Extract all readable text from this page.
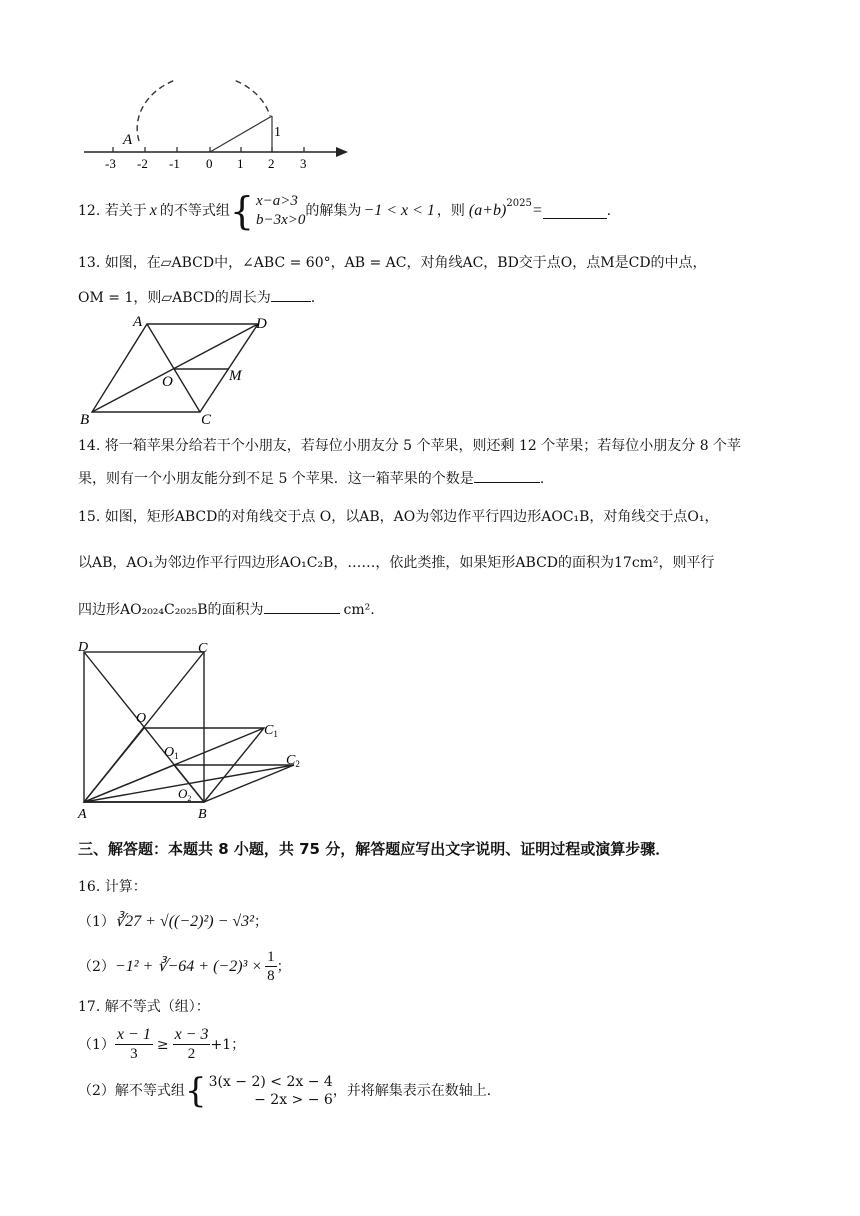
A	1
-3 -2 -1 0 1 2 3
12.
若关于 x 的不等式组 { x−a>3
b−3x>0
的解集为 −1 < x < 1 ，则 $(a+b)^{2025}$ =	.
13. 如图，在▱ABCD中，∠ABC = 60°，AB = AC，对角线AC，BD交于点O，点M是CD的中点，
OM = 1，则▱ABCD的周长为	.
A	D
O	M
B	C
14. 将一箱苹果分给若干个小朋友，若每位小朋友分 5 个苹果，则还剩 12 个苹果；若每位小朋友分 8 个苹
果，则有一个小朋友能分到不足 5 个苹果．这一箱苹果的个数是	.
15. 如图，矩形ABCD的对角线交于点 O，以AB，AO为邻边作平行四边形AOC₁B，对角线交于点O₁，
以AB，AO₁为邻边作平行四边形AO₁C₂B，……，依此类推，如果矩形ABCD的面积为17cm²，则平行
四边形AO₂₀₂₄C₂₀₂₅B的面积为	cm².
D	C
O
$C_1$
$O_1$	$C_2$
$O_2$
A	B
三、解答题：本题共 8 小题，共 75 分，解答题应写出文字说明、证明过程或演算步骤．
16. 计算：
（1）∛27 + √((−2)²) − √3²；
（2） −1² + ∛−64 + $(-2)^3 \times \frac{1}{8}$ ；
17. 解不等式（组）：
$(1) \frac{x - 1}{3} \ge \frac{x - 3}{2} +1$ ；
（2） 解不等式组 { 3(x − 2) < 2x − 4
− 2x > − 6
，并将解集表示在数轴上．
